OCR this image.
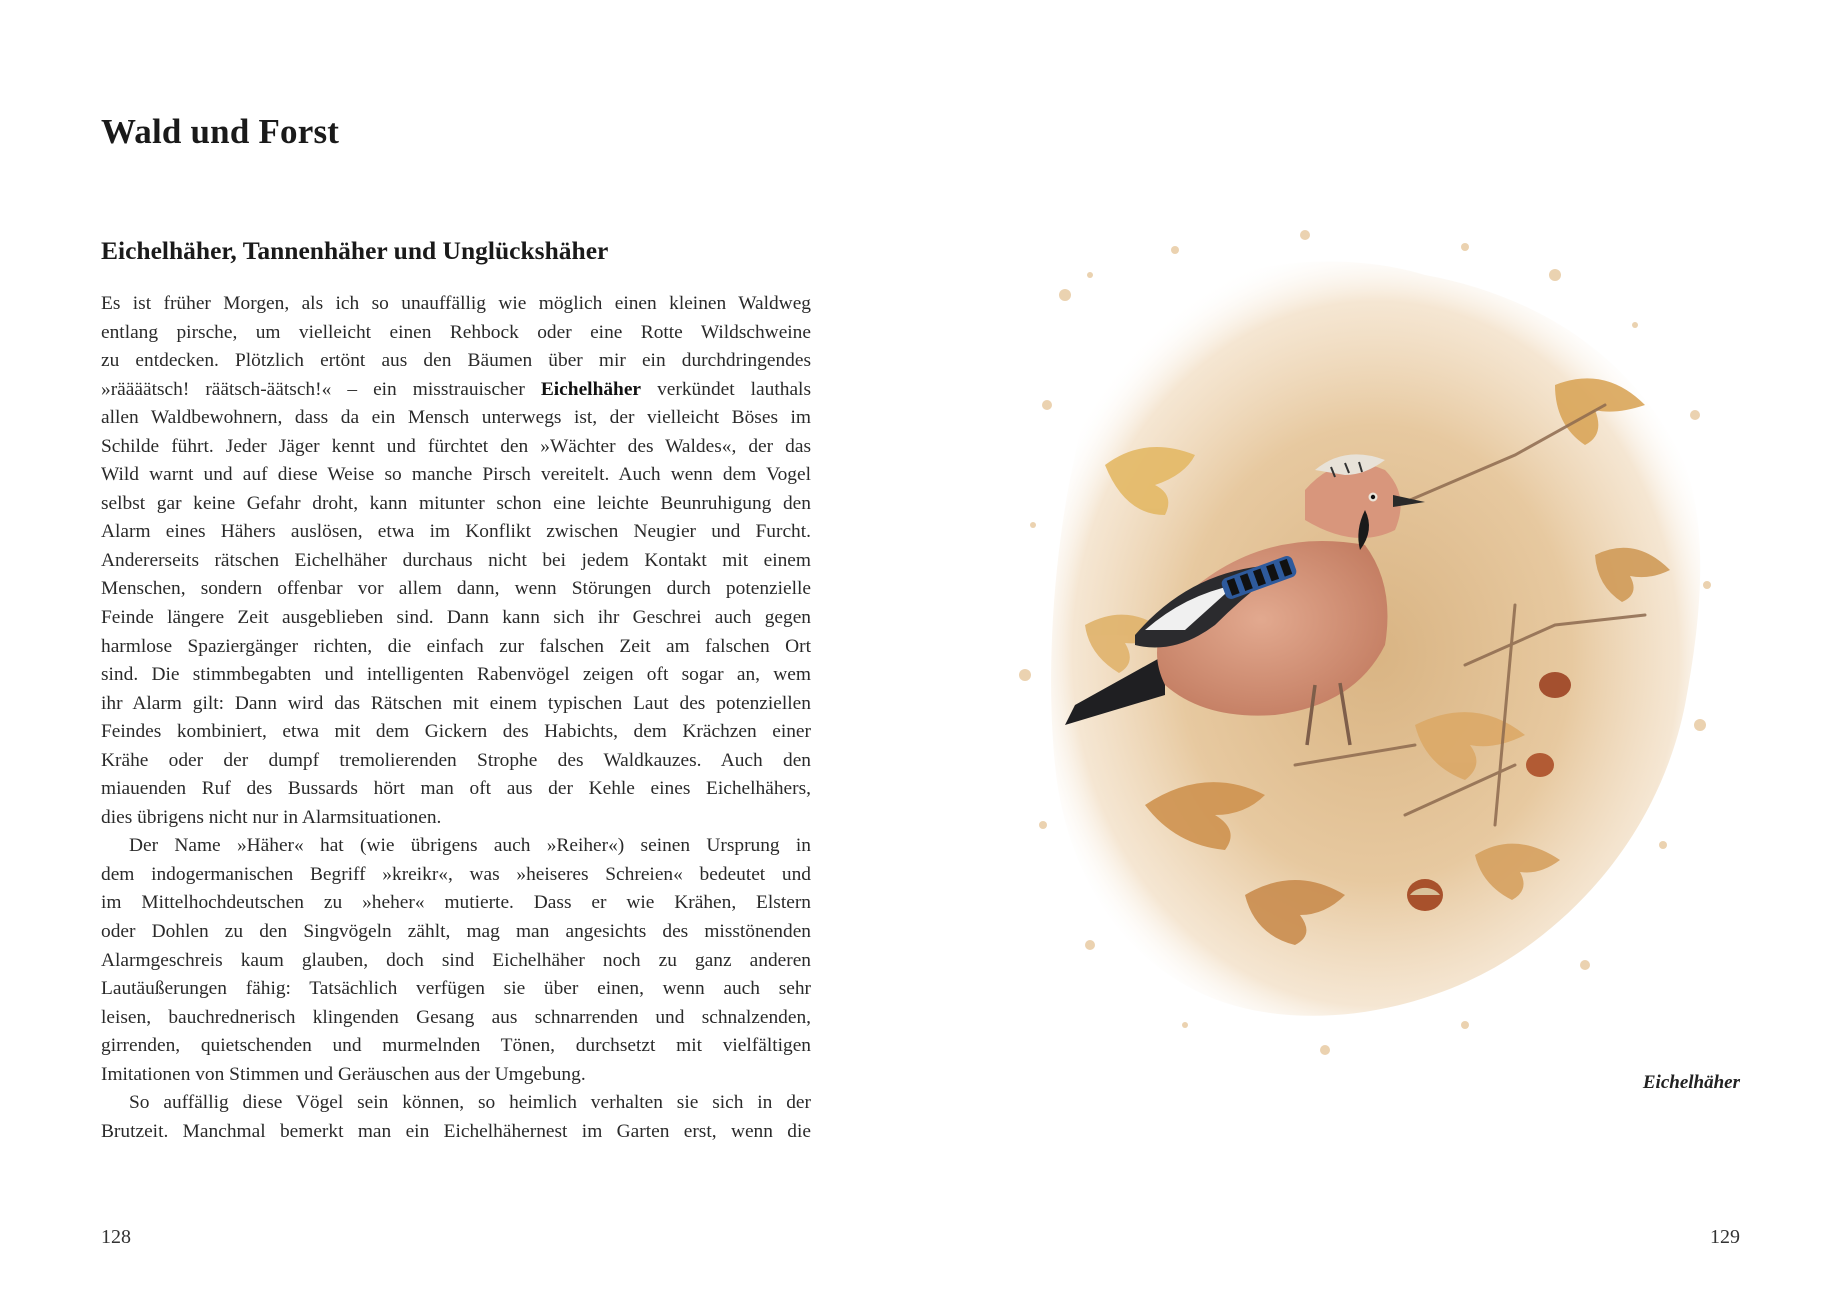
Wald und Forst
Eichelhäher, Tannenhäher und Unglückshäher
Es ist früher Morgen, als ich so unauffällig wie möglich einen kleinen Waldweg
entlang pirsche, um vielleicht einen Rehbock oder eine Rotte Wildschweine
zu entdecken. Plötzlich ertönt aus den Bäumen über mir ein durchdringendes
»räääätsch! räätsch-äätsch!« – ein misstrauischer Eichelhäher verkündet lauthals
allen Waldbewohnern, dass da ein Mensch unterwegs ist, der vielleicht Böses im
Schilde führt. Jeder Jäger kennt und fürchtet den »Wächter des Waldes«, der das
Wild warnt und auf diese Weise so manche Pirsch vereitelt. Auch wenn dem Vogel
selbst gar keine Gefahr droht, kann mitunter schon eine leichte Beunruhigung den
Alarm eines Hähers auslösen, etwa im Konflikt zwischen Neugier und Furcht.
Andererseits rätschen Eichelhäher durchaus nicht bei jedem Kontakt mit einem
Menschen, sondern offenbar vor allem dann, wenn Störungen durch potenzielle
Feinde längere Zeit ausgeblieben sind. Dann kann sich ihr Geschrei auch gegen
harmlose Spaziergänger richten, die einfach zur falschen Zeit am falschen Ort
sind. Die stimmbegabten und intelligenten Rabenvögel zeigen oft sogar an, wem
ihr Alarm gilt: Dann wird das Rätschen mit einem typischen Laut des potenziellen
Feindes kombiniert, etwa mit dem Gickern des Habichts, dem Krächzen einer
Krähe oder der dumpf tremolierenden Strophe des Waldkauzes. Auch den
miauenden Ruf des Bussards hört man oft aus der Kehle eines Eichelhähers,
dies übrigens nicht nur in Alarmsituationen.
Der Name »Häher« hat (wie übrigens auch »Reiher«) seinen Ursprung in
dem indogermanischen Begriff »kreikr«, was »heiseres Schreien« bedeutet und
im Mittelhochdeutschen zu »heher« mutierte. Dass er wie Krähen, Elstern
oder Dohlen zu den Singvögeln zählt, mag man angesichts des misstönenden
Alarmgeschreis kaum glauben, doch sind Eichelhäher noch zu ganz anderen
Lautäußerungen fähig: Tatsächlich verfügen sie über einen, wenn auch sehr
leisen, bauchrednerisch klingenden Gesang aus schnarrenden und schnalzenden,
girrenden, quietschenden und murmelnden Tönen, durchsetzt mit vielfältigen
Imitationen von Stimmen und Geräuschen aus der Umgebung.
So auffällig diese Vögel sein können, so heimlich verhalten sie sich in der
Brutzeit. Manchmal bemerkt man ein Eichelhähernest im Garten erst, wenn die
128
Eichelhäher
129
